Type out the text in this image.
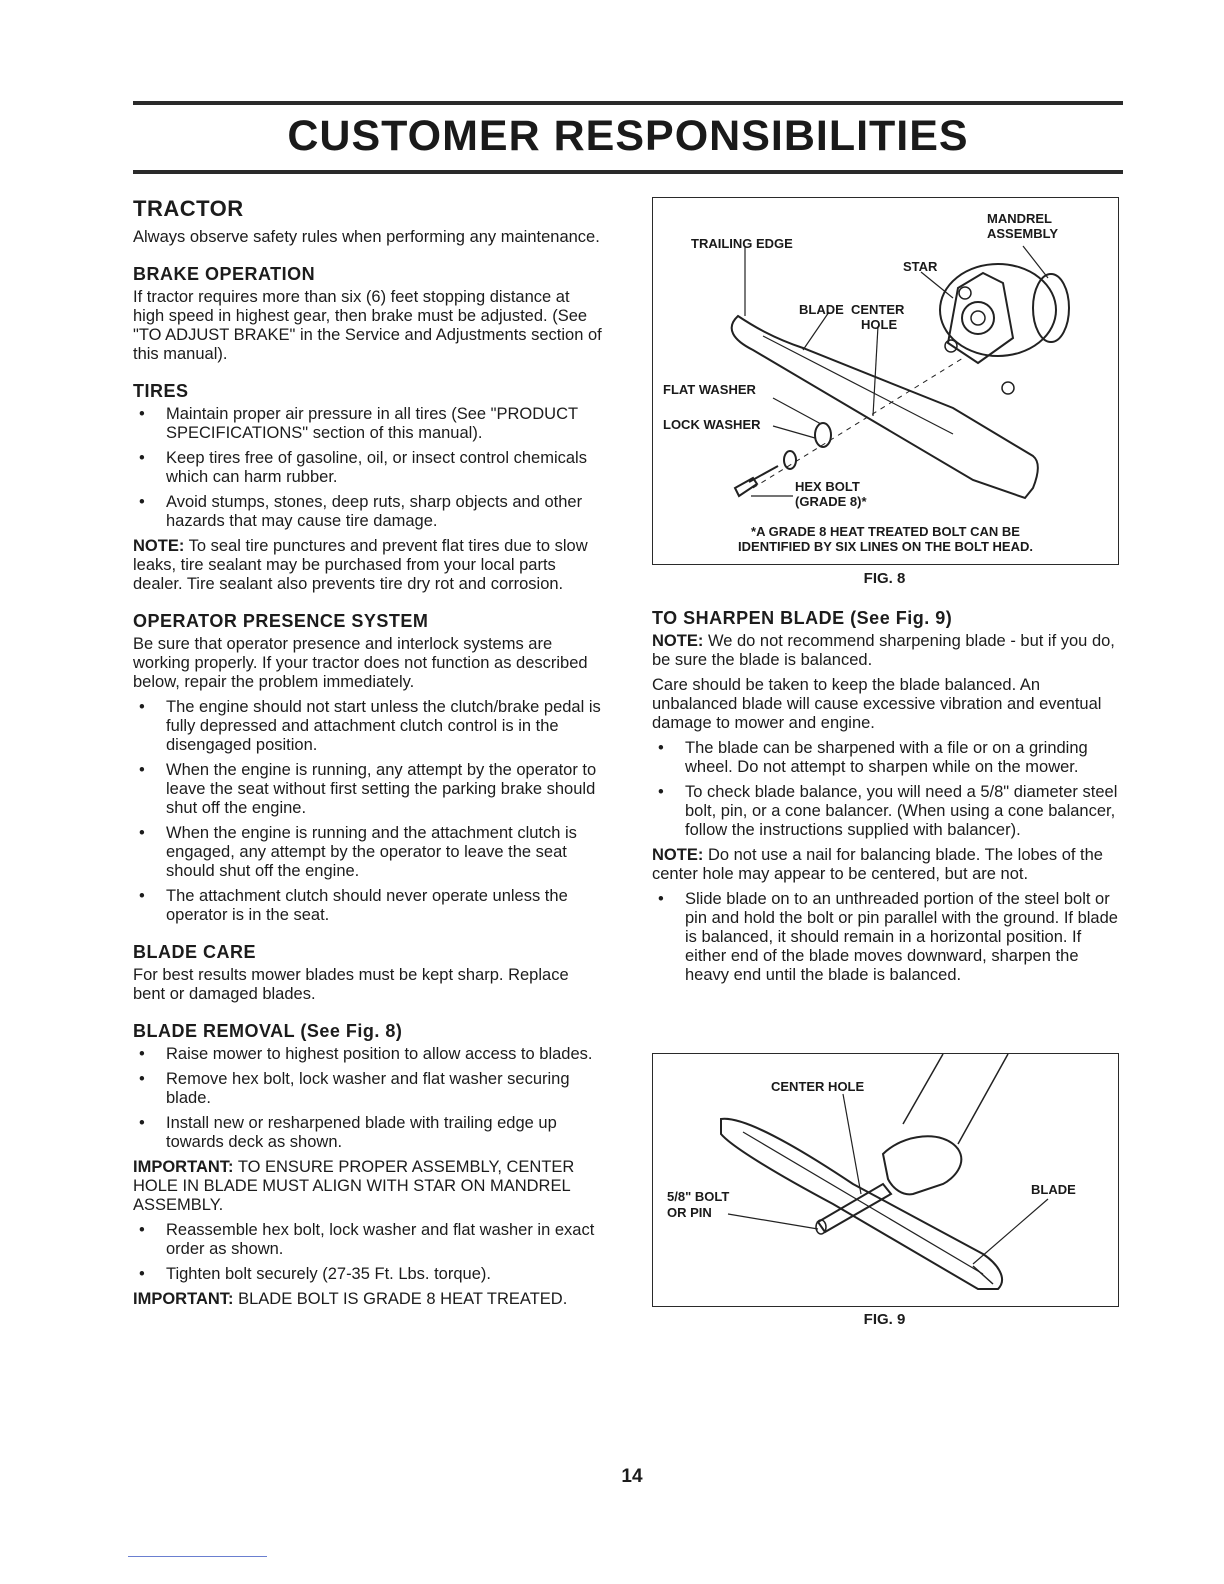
CUSTOMER RESPONSIBILITIES
TRACTOR

Always observe safety rules when performing any maintenance.

BRAKE OPERATION

If tractor requires more than six (6) feet stopping distance at high speed in highest gear, then brake must be adjusted. (See "TO ADJUST BRAKE" in the Service and Adjustments section of this manual).

TIRES
• Maintain proper air pressure in all tires (See "PRODUCT SPECIFICATIONS" section of this manual).
• Keep tires free of gasoline, oil, or insect control chemicals which can harm rubber.
• Avoid stumps, stones, deep ruts, sharp objects and other hazards that may cause tire damage.

NOTE: To seal tire punctures and prevent flat tires due to slow leaks, tire sealant may be purchased from your local parts dealer. Tire sealant also prevents tire dry rot and corrosion.

OPERATOR PRESENCE SYSTEM

Be sure that operator presence and interlock systems are working properly. If your tractor does not function as described below, repair the problem immediately.

• The engine should not start unless the clutch/brake pedal is fully depressed and attachment clutch control is in the disengaged position.
• When the engine is running, any attempt by the operator to leave the seat without first setting the parking brake should shut off the engine.
• When the engine is running and the attachment clutch is engaged, any attempt by the operator to leave the seat should shut off the engine.
• The attachment clutch should never operate unless the operator is in the seat.
BLADE CARE

For best results mower blades must be kept sharp. Replace bent or damaged blades.

BLADE REMOVAL (See Fig. 8)
• Raise mower to highest position to allow access to blades.
• Remove hex bolt, lock washer and flat washer securing blade.
• Install new or resharpened blade with trailing edge up towards deck as shown.

IMPORTANT: TO ENSURE PROPER ASSEMBLY, CENTER HOLE IN BLADE MUST ALIGN WITH STAR ON MANDREL ASSEMBLY.

• Reassemble hex bolt, lock washer and flat washer in exact order as shown.
• Tighten bolt securely (27-35 Ft. Lbs. torque).

IMPORTANT: BLADE BOLT IS GRADE 8 HEAT TREATED.

MANDREL
ASSEMBLY
TRAILING EDGE
STAR
BLADE  CENTER
HOLE
FLAT WASHER
LOCK WASHER
HEX BOLT
(GRADE 8)*
*A GRADE 8 HEAT TREATED BOLT CAN BE
IDENTIFIED BY SIX LINES ON THE BOLT HEAD.
FIG. 8
TO SHARPEN BLADE (See Fig. 9)

NOTE: We do not recommend sharpening blade - but if you do, be sure the blade is balanced.

Care should be taken to keep the blade balanced. An unbalanced blade will cause excessive vibration and eventual damage to mower and engine.

• The blade can be sharpened with a file or on a grinding wheel. Do not attempt to sharpen while on the mower.
• To check blade balance, you will need a 5/8" diameter steel bolt, pin, or a cone balancer. (When using a cone balancer, follow the instructions supplied with balancer).

NOTE: Do not use a nail for balancing blade. The lobes of the center hole may appear to be centered, but are not.

• Slide blade on to an unthreaded portion of the steel bolt or pin and hold the bolt or pin parallel with the ground. If blade is balanced, it should remain in a horizontal position. If either end of the blade moves downward, sharpen the heavy end until the blade is balanced.
CENTER HOLE
5/8" BOLT
OR PIN
BLADE
FIG. 9
14
